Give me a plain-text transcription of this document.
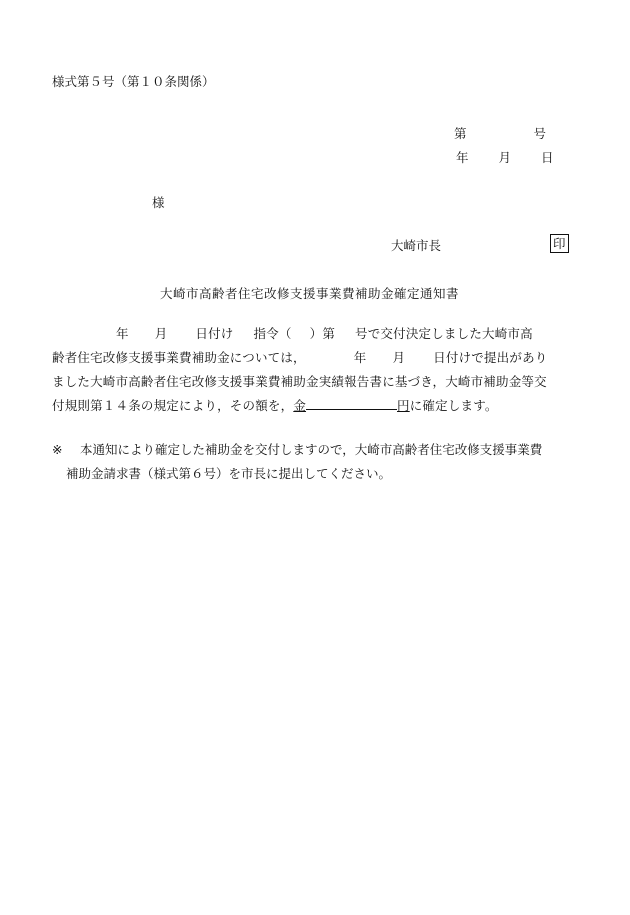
様式第５号（第１０条関係）
第	号
年 月 日
様
大崎市長	印
大崎市高齢者住宅改修支援事業費補助金確定通知書
年 月 日付け 指令（ ）第 号で交付決定しました大崎市高
齢者住宅改修支援事業費補助金については，	年 月 日付けで提出があり
ました大崎市高齢者住宅改修支援事業費補助金実績報告書に基づき，大崎市補助金等交
付規則第１４条の規定により，その額を，金	円に確定します。
※ 本通知により確定した補助金を交付しますので，大崎市高齢者住宅改修支援事業費
補助金請求書（様式第６号）を市長に提出してください。
